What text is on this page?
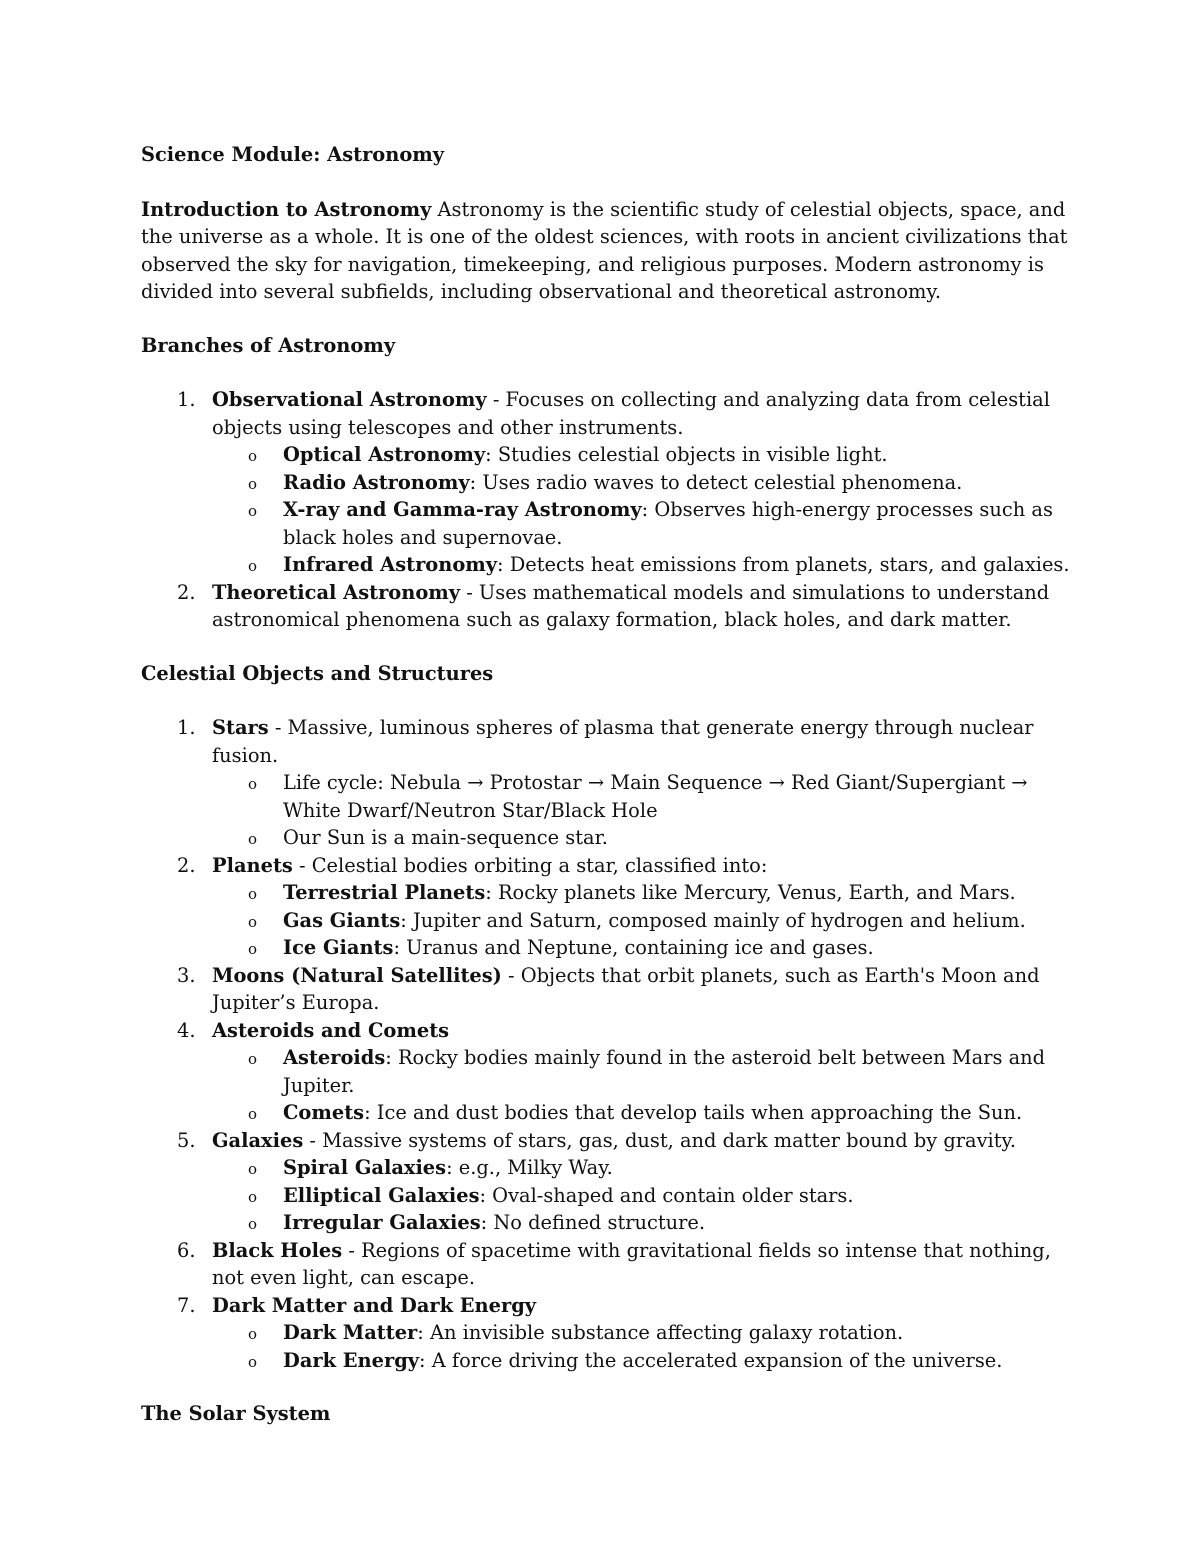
Science Module: Astronomy

Introduction to Astronomy Astronomy is the scientific study of celestial objects, space, and the universe as a whole. It is one of the oldest sciences, with roots in ancient civilizations that observed the sky for navigation, timekeeping, and religious purposes. Modern astronomy is divided into several subfields, including observational and theoretical astronomy.

Branches of Astronomy

1. Observational Astronomy - Focuses on collecting and analyzing data from celestial objects using telescopes and other instruments.
o Optical Astronomy: Studies celestial objects in visible light.
o Radio Astronomy: Uses radio waves to detect celestial phenomena.
o X-ray and Gamma-ray Astronomy: Observes high-energy processes such as black holes and supernovae.
o Infrared Astronomy: Detects heat emissions from planets, stars, and galaxies.
2. Theoretical Astronomy - Uses mathematical models and simulations to understand astronomical phenomena such as galaxy formation, black holes, and dark matter.

Celestial Objects and Structures

1. Stars - Massive, luminous spheres of plasma that generate energy through nuclear fusion.
o Life cycle: Nebula → Protostar → Main Sequence → Red Giant/Supergiant → White Dwarf/Neutron Star/Black Hole
o Our Sun is a main-sequence star.
2. Planets - Celestial bodies orbiting a star, classified into:
o Terrestrial Planets: Rocky planets like Mercury, Venus, Earth, and Mars.
o Gas Giants: Jupiter and Saturn, composed mainly of hydrogen and helium.
o Ice Giants: Uranus and Neptune, containing ice and gases.
3. Moons (Natural Satellites) - Objects that orbit planets, such as Earth's Moon and Jupiter’s Europa.
4. Asteroids and Comets
o Asteroids: Rocky bodies mainly found in the asteroid belt between Mars and Jupiter.
o Comets: Ice and dust bodies that develop tails when approaching the Sun.
5. Galaxies - Massive systems of stars, gas, dust, and dark matter bound by gravity.
o Spiral Galaxies: e.g., Milky Way.
o Elliptical Galaxies: Oval-shaped and contain older stars.
o Irregular Galaxies: No defined structure.
6. Black Holes - Regions of spacetime with gravitational fields so intense that nothing, not even light, can escape.
7. Dark Matter and Dark Energy
o Dark Matter: An invisible substance affecting galaxy rotation.
o Dark Energy: A force driving the accelerated expansion of the universe.

The Solar System
